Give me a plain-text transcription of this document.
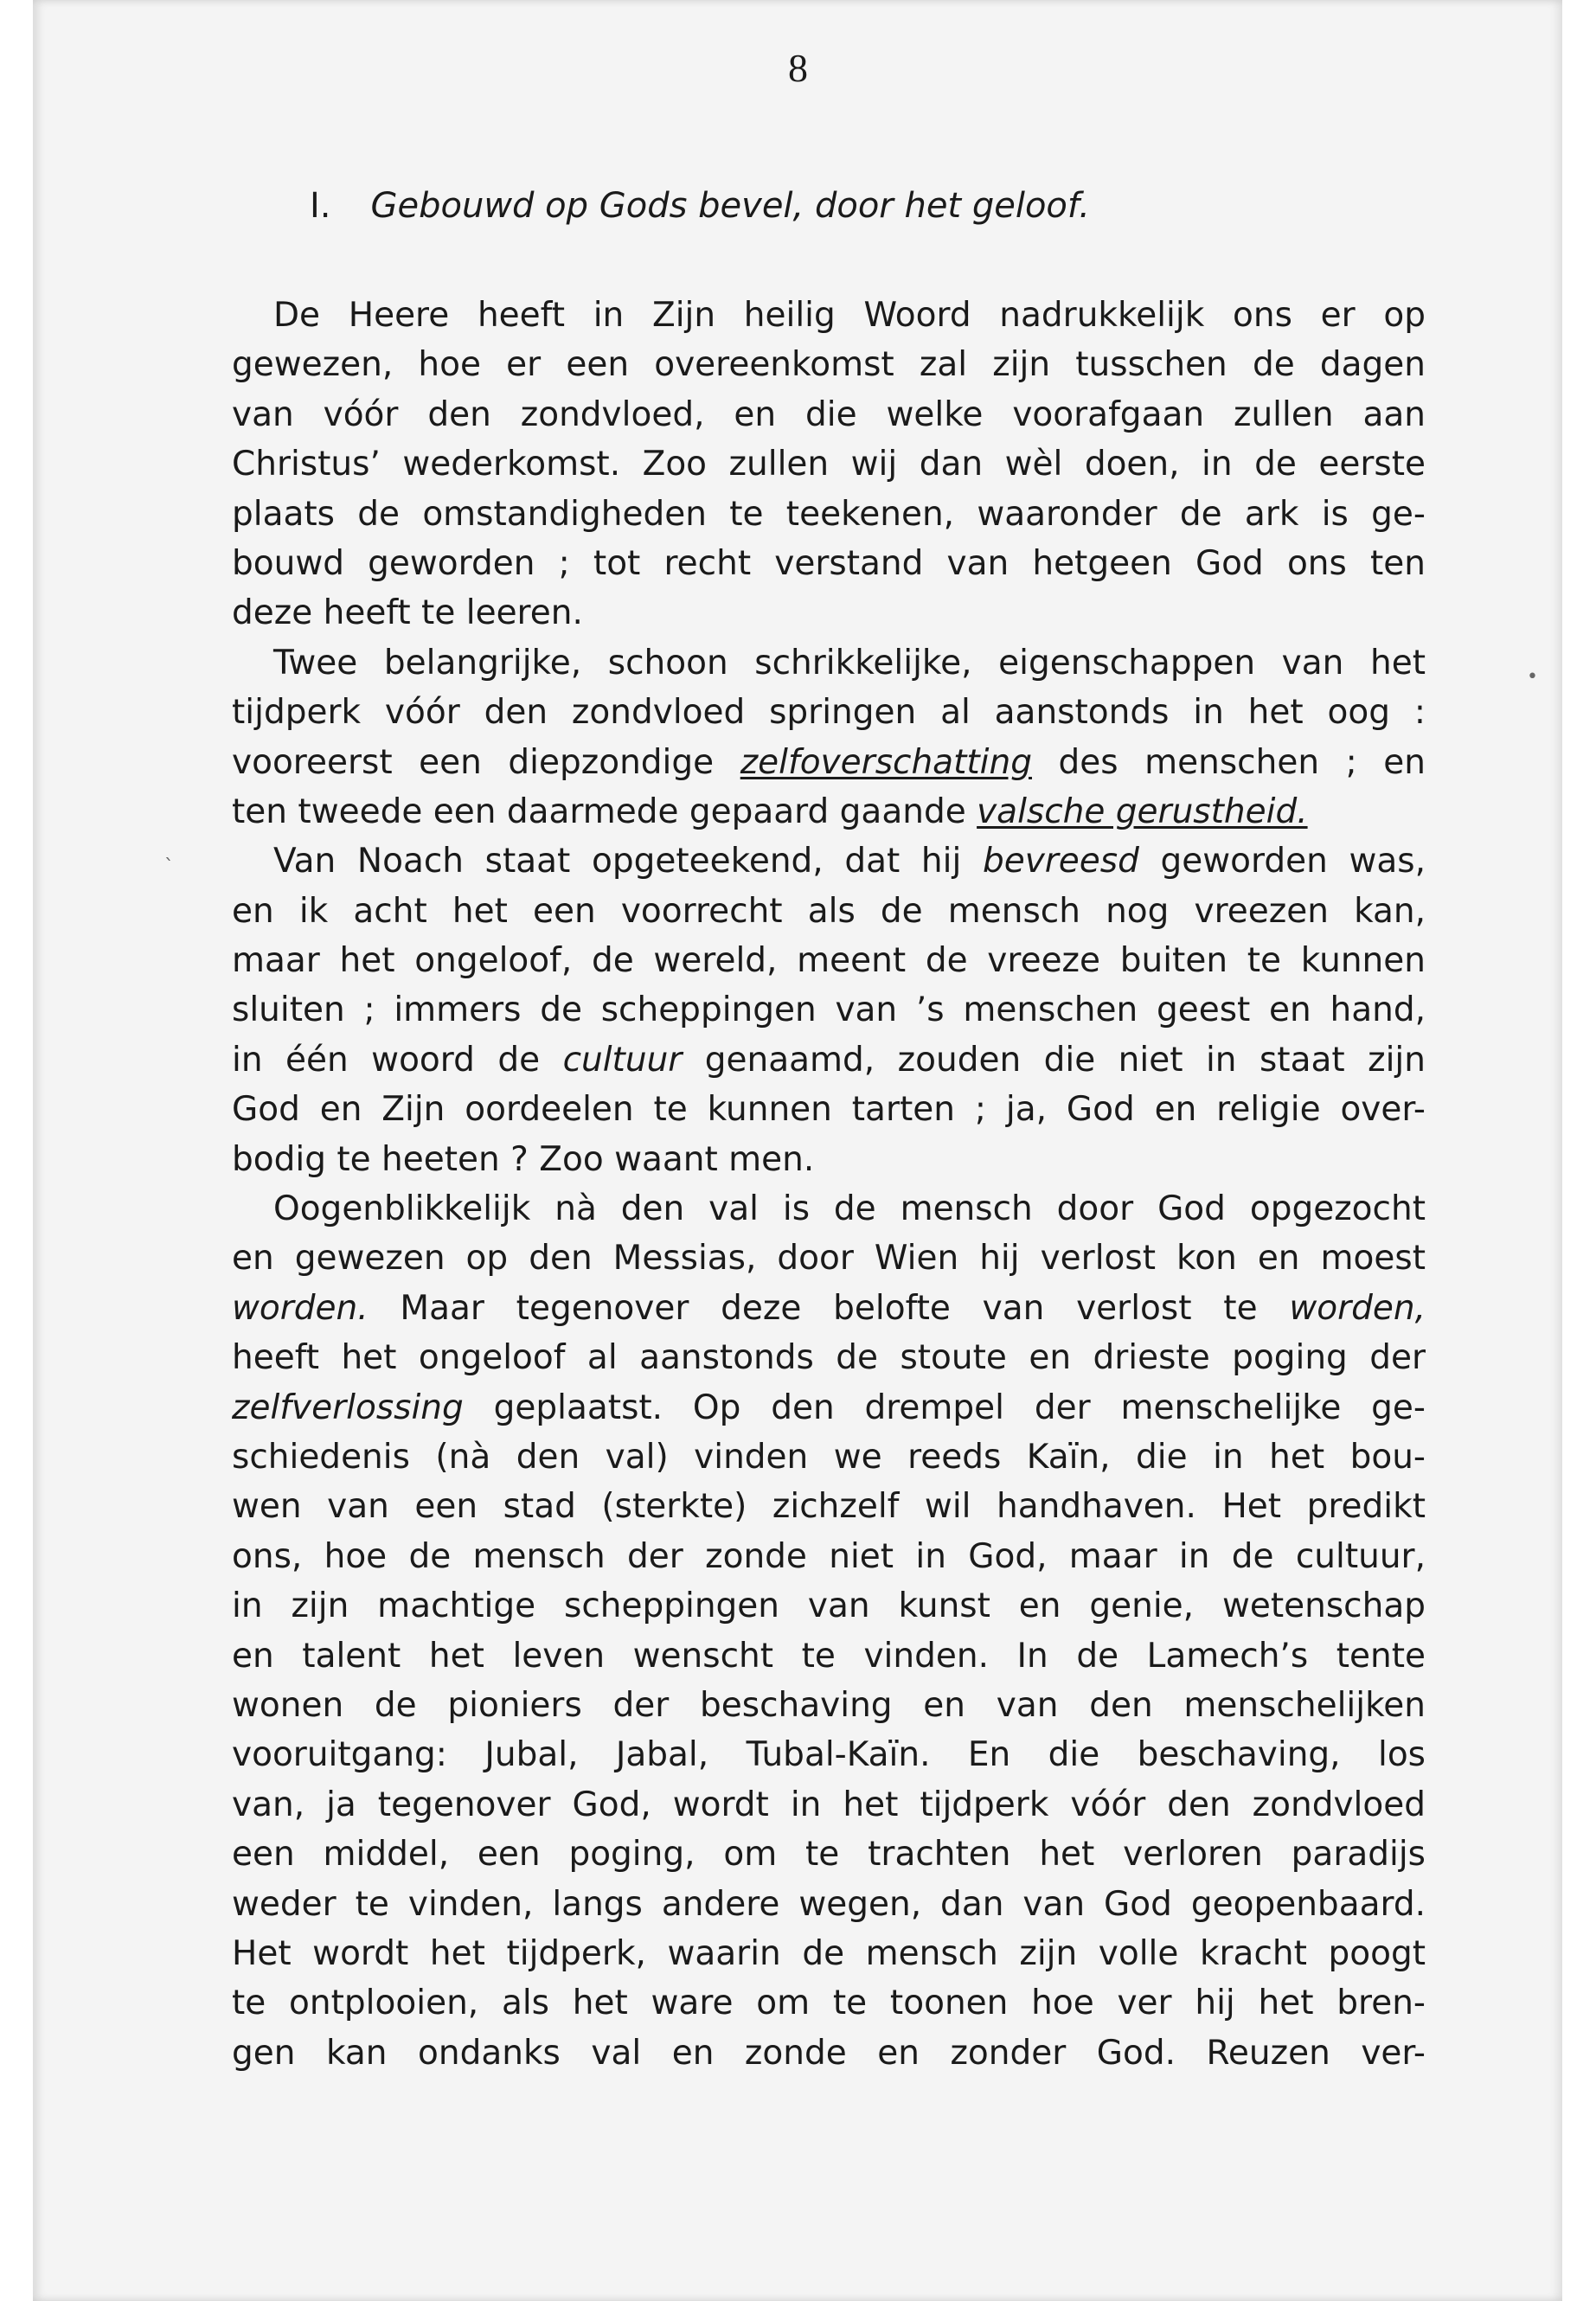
8
I. Gebouwd op Gods bevel, door het geloof.
De Heere heeft in Zijn heilig Woord nadrukkelijk ons er op
gewezen, hoe er een overeenkomst zal zijn tusschen de dagen
van vóór den zondvloed, en die welke voorafgaan zullen aan
Christus’ wederkomst. Zoo zullen wij dan wèl doen, in de eerste
plaats de omstandigheden te teekenen, waaronder de ark is ge-
bouwd geworden ; tot recht verstand van hetgeen God ons ten
deze heeft te leeren.
Twee belangrijke, schoon schrikkelijke, eigenschappen van het
tijdperk vóór den zondvloed springen al aanstonds in het oog :
vooreerst een diepzondige zelfoverschatting des menschen ; en
ten tweede een daarmede gepaard gaande valsche gerustheid.
Van Noach staat opgeteekend, dat hij bevreesd geworden was,
en ik acht het een voorrecht als de mensch nog vreezen kan,
maar het ongeloof, de wereld, meent de vreeze buiten te kunnen
sluiten ; immers de scheppingen van ’s menschen geest en hand,
in één woord de cultuur genaamd, zouden die niet in staat zijn
God en Zijn oordeelen te kunnen tarten ; ja, God en religie over-
bodig te heeten ? Zoo waant men.
Oogenblikkelijk nà den val is de mensch door God opgezocht
en gewezen op den Messias, door Wien hij verlost kon en moest
worden. Maar tegenover deze belofte van verlost te worden,
heeft het ongeloof al aanstonds de stoute en drieste poging der
zelfverlossing geplaatst. Op den drempel der menschelijke ge-
schiedenis (nà den val) vinden we reeds Kaïn, die in het bou-
wen van een stad (sterkte) zichzelf wil handhaven. Het predikt
ons, hoe de mensch der zonde niet in God, maar in de cultuur,
in zijn machtige scheppingen van kunst en genie, wetenschap
en talent het leven wenscht te vinden. In de Lamech’s tente
wonen de pioniers der beschaving en van den menschelijken
vooruitgang: Jubal, Jabal, Tubal-Kaïn. En die beschaving, los
van, ja tegenover God, wordt in het tijdperk vóór den zondvloed
een middel, een poging, om te trachten het verloren paradijs
weder te vinden, langs andere wegen, dan van God geopenbaard.
Het wordt het tijdperk, waarin de mensch zijn volle kracht poogt
te ontplooien, als het ware om te toonen hoe ver hij het bren-
gen kan ondanks val en zonde en zonder God. Reuzen ver-
•
`
